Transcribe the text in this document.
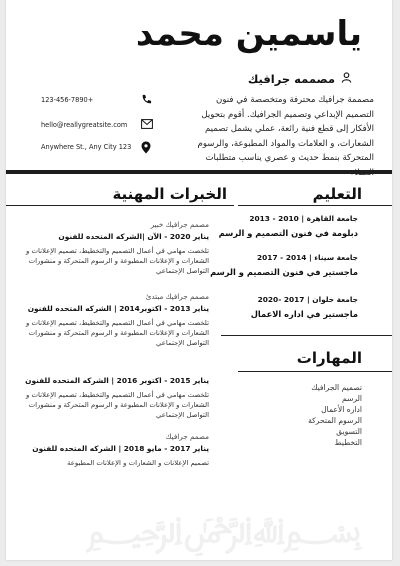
ياسمين محمد
مصممه جرافيك

مصممة جرافيك محترفة ومتخصصة في فنون التصميم الإبداعي وتصميم الجرافيك. أقوم بتحويل الأفكار إلى قطع فنية رائعة، عملي يشمل تصميم الشعارات، و العلامات والمواد المطبوعة، والرسوم المتحركة بنمط حديث و عصري يناسب متطلبات

123-456-7890+
hello@reallygreatsite.com
Anywhere St., Any City 123
الخبرات المهنية
مصمم جرافيك خبير
يناير 2020 - الآن |الشركه المتحده للفنون
تلخصت مهامي في أعمال التصميم والتخطيط، تصميم الإعلانات و الشعارات و الإعلانات المطبوعة و الرسوم المتحركة و منشورات التواصل الإجتماعي
مصمم جرافيك مبتدئ
يناير 2013 - اكتوبر2014 | الشركه المتحده للفنون
تلخصت مهامي في أعمال التصميم والتخطيط، تصميم الإعلانات و الشعارات و الإعلانات المطبوعة و الرسوم المتحركة و منشورات التواصل الإجتماعي
يناير 2015 - اكتوبر 2016 | الشركه المتحده للفنون
تلخصت مهامي في أعمال التصميم والتخطيط، تصميم الإعلانات و الشعارات و الإعلانات المطبوعة و الرسوم المتحركة و منشورات التواصل الإجتماعي
مصمم جرافيك
يناير 2017 - مايو 2018 | الشركه المتحده للفنون
تصميم الإعلانات و الشعارات و الإعلانات المطبوعة
التعليم
جامعة القاهرة | 2010 - 2013
دبلومة في فنون التصميم و الرسم
جامعة سيناء | 2014 - 2017
ماجستير في فنون التصميم و الرسم
جامعة حلوان | 2017 -2020
ماجستير في اداره الاعمال
المهارات
تصميم الجرافيك
الرسم
اداره الأعمال
الرسوم المتحركة
التسويق
التخطيط
﷽
